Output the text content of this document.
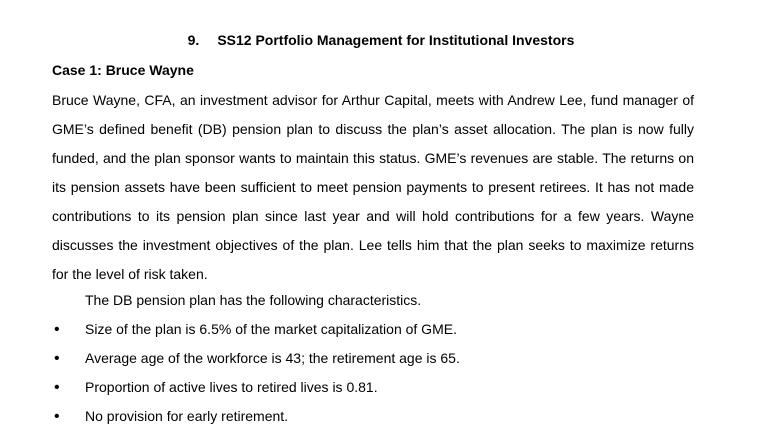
9. SS12 Portfolio Management for Institutional Investors
Case 1: Bruce Wayne

Bruce Wayne, CFA, an investment advisor for Arthur Capital, meets with Andrew Lee, fund manager of GME’s defined benefit (DB) pension plan to discuss the plan’s asset allocation. The plan is now fully funded, and the plan sponsor wants to maintain this status. GME’s revenues are stable. The returns on its pension assets have been sufficient to meet pension payments to present retirees. It has not made contributions to its pension plan since last year and will hold contributions for a few years. Wayne discusses the investment objectives of the plan. Lee tells him that the plan seeks to maximize returns for the level of risk taken.

The DB pension plan has the following characteristics.
• Size of the plan is 6.5% of the market capitalization of GME.
• Average age of the workforce is 43; the retirement age is 65.
• Proportion of active lives to retired lives is 0.81.
• No provision for early retirement.
